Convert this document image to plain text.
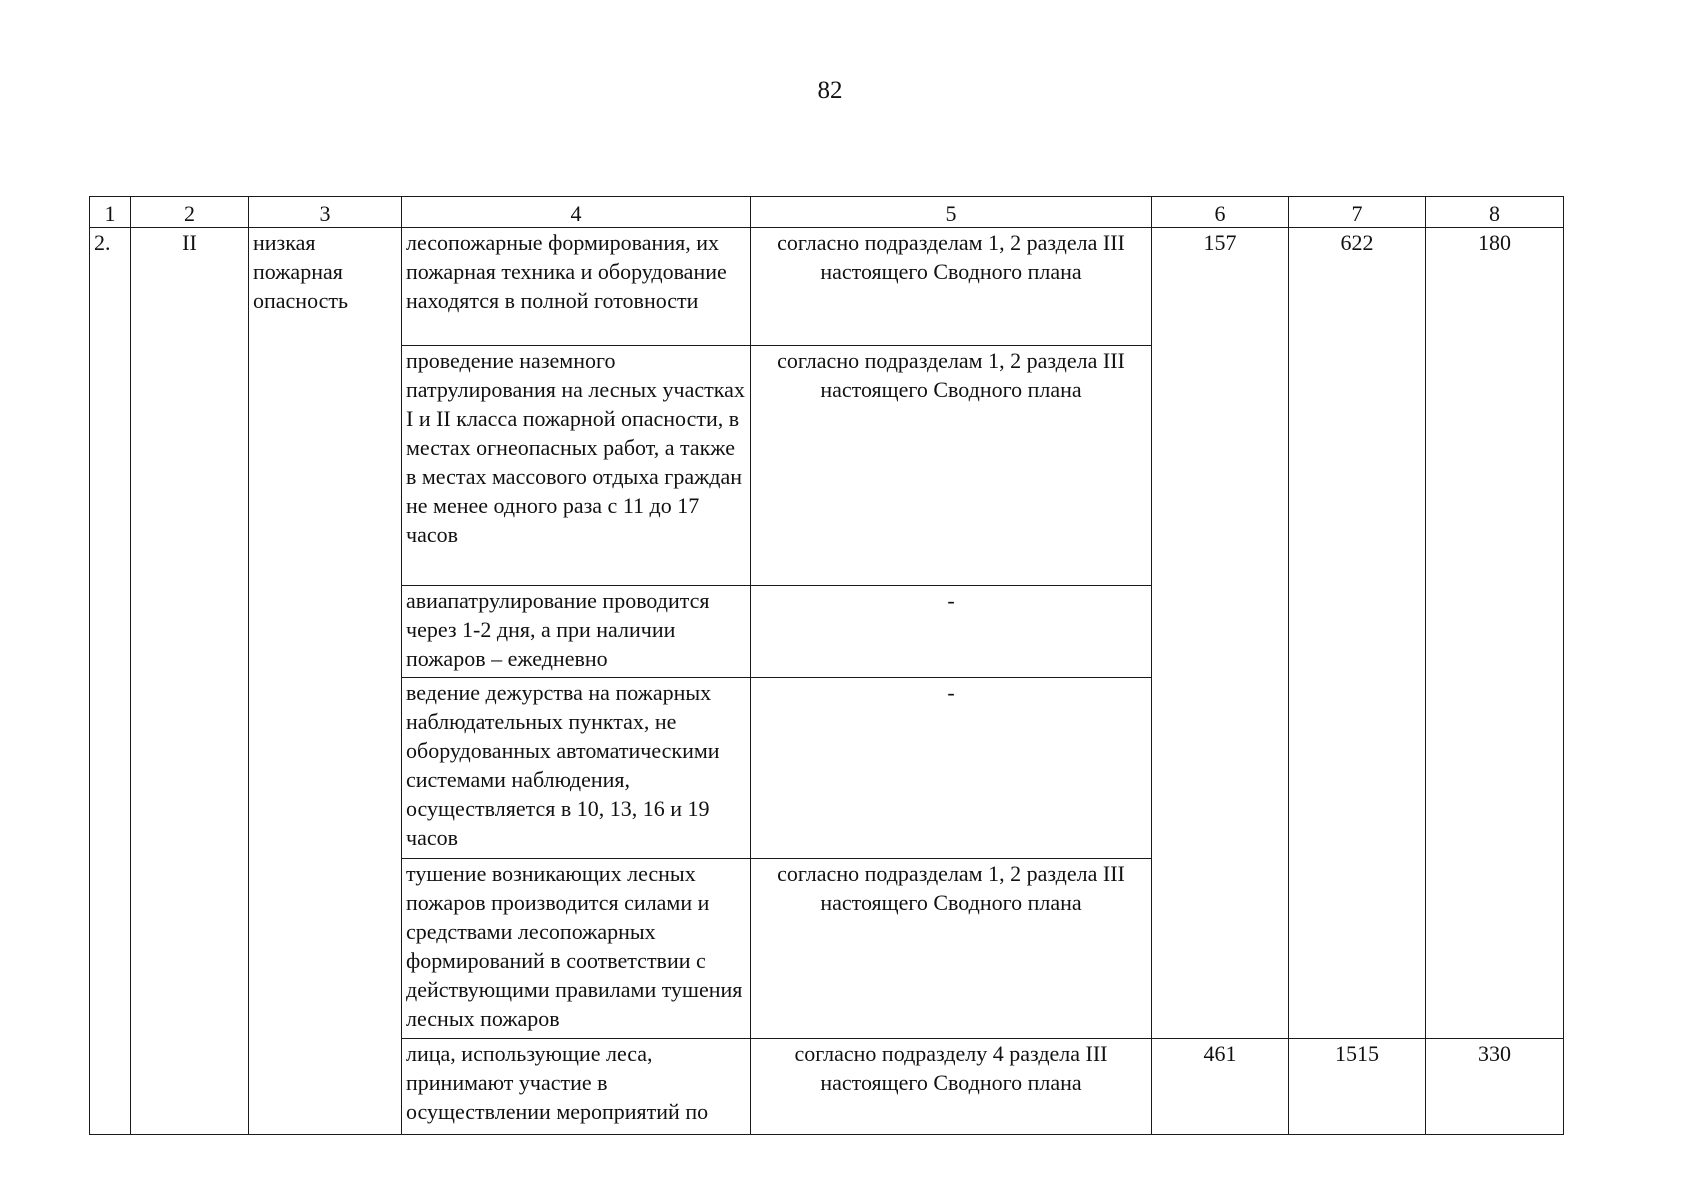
82
1	2	3	4	5	6	7	8
2.	II	низкая пожарная опасность	лесопожарные формирования, их пожарная техника и оборудование находятся в полной готовности	согласно подразделам 1, 2 раздела III настоящего Сводного плана	157	622	180
			проведение наземного патрулирования на лесных участках I и II класса пожарной опасности, в местах огнеопасных работ, а также в местах массового отдыха граждан не менее одного раза с 11 до 17 часов	согласно подразделам 1, 2 раздела III настоящего Сводного плана			
			авиапатрулирование проводится через 1-2 дня, а при наличии пожаров – ежедневно	-			
			ведение дежурства на пожарных наблюдательных пунктах, не оборудованных автоматическими системами наблюдения, осуществляется в 10, 13, 16 и 19 часов	-			
			тушение возникающих лесных пожаров производится силами и средствами лесопожарных формирований в соответствии с действующими правилами тушения лесных пожаров	согласно подразделам 1, 2 раздела III настоящего Сводного плана			
			лица, использующие леса, принимают участие в осуществлении мероприятий по	согласно подразделу 4 раздела III настоящего Сводного плана	461	1515	330
